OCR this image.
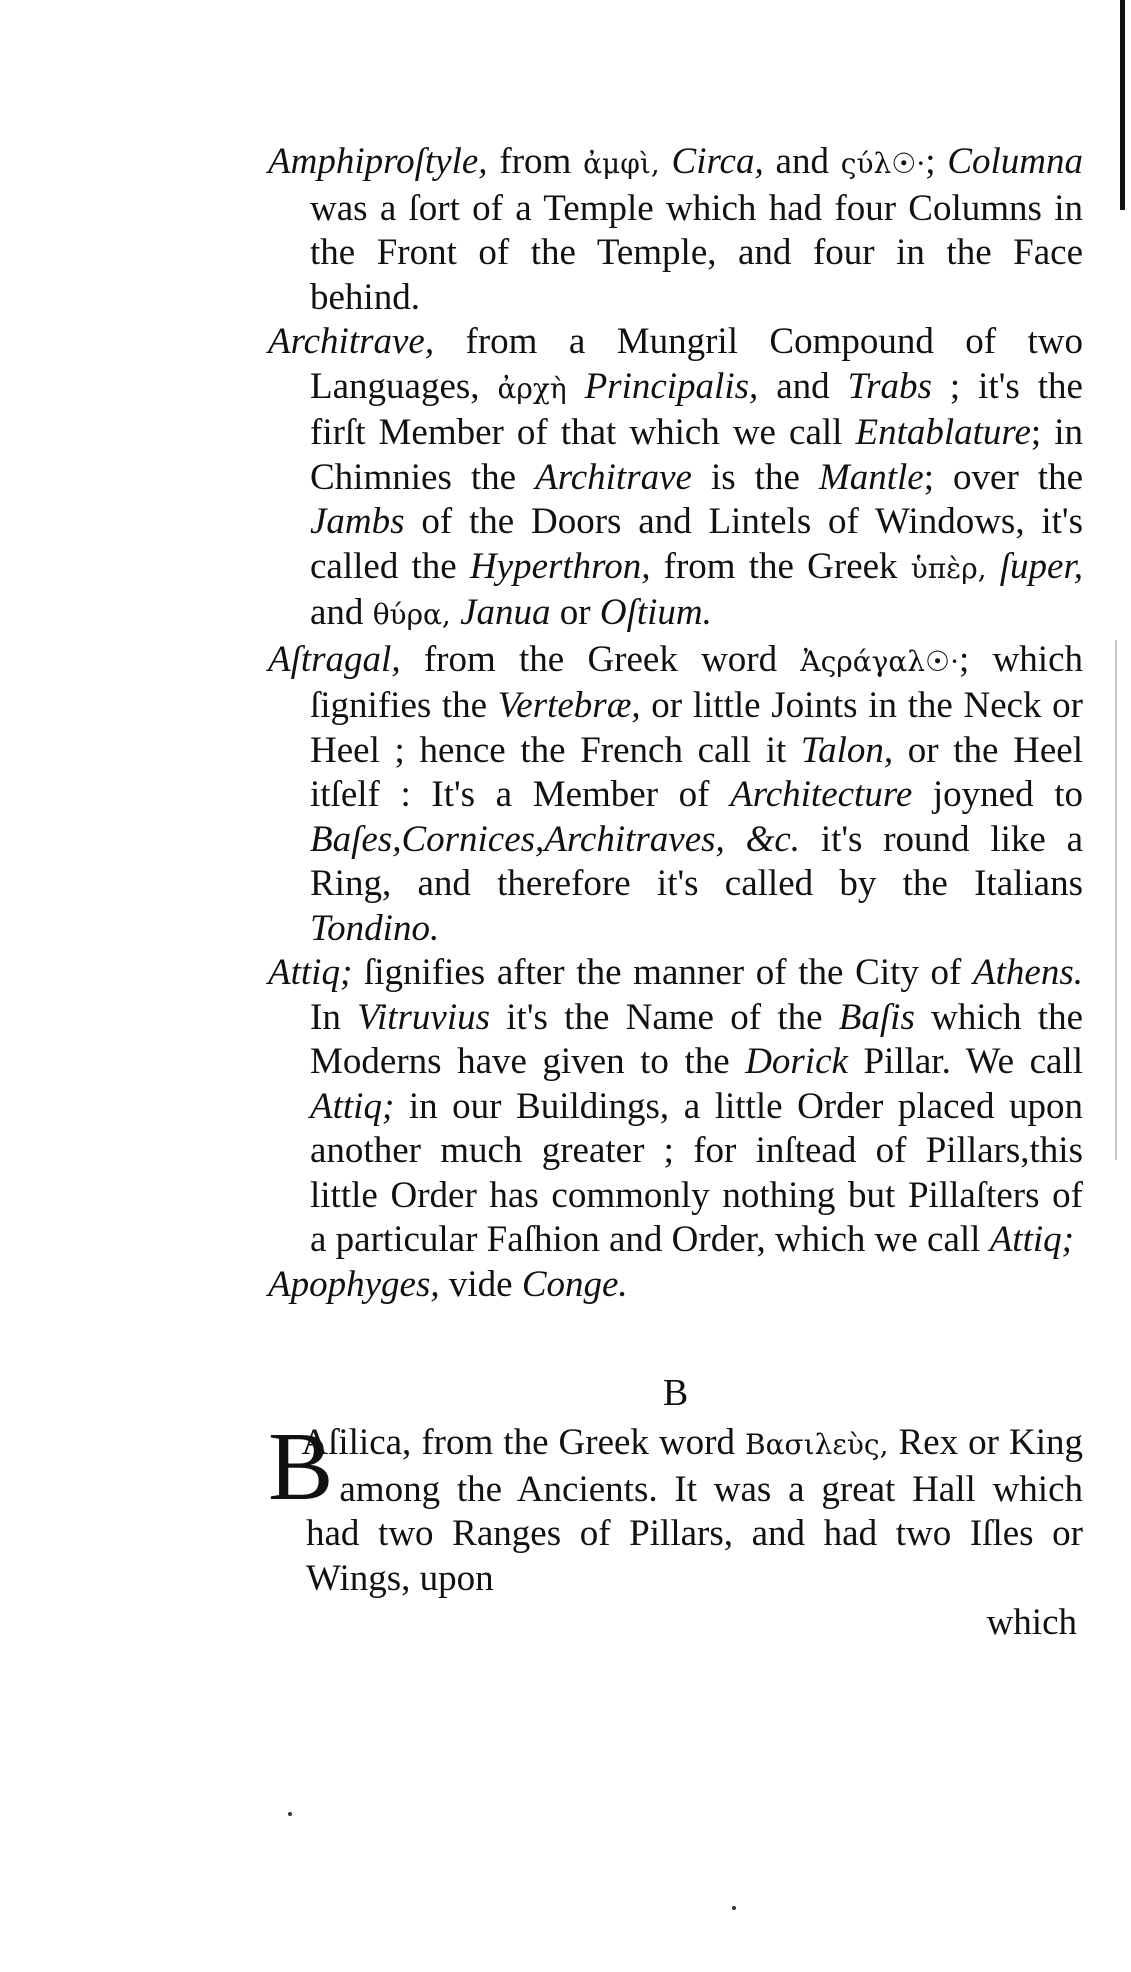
Amphiproſtyle, from ἀμφὶ, Circa, and ςύλ☉·; Columna was a ſort of a Temple which had four Columns in the Front of the Temple, and four in the Face behind.

Architrave, from a Mungril Compound of two Languages, ἀρχὴ Principalis, and Trabs ; it's the firſt Member of that which we call Entablature; in Chimnies the Architrave is the Mantle; over the Jambs of the Doors and Lintels of Windows, it's called the Hyperthron, from the Greek ὑπὲρ, ſuper, and θύρα, Janua or Oſtium.

Aſtragal, from the Greek word Ἀςράγαλ☉·; which ſignifies the Vertebræ, or little Joints in the Neck or Heel ; hence the French call it Talon, or the Heel itſelf : It's a Member of Architecture joyned to Baſes,Cornices,Architraves, &c. it's round like a Ring, and therefore it's called by the Italians Tondino.

Attiq; ſignifies after the manner of the City of Athens. In Vitruvius it's the Name of the Baſis which the Moderns have given to the Dorick Pillar. We call Attiq; in our Buildings, a little Order placed upon another much greater ; for inſtead of Pillars,this little Order has commonly nothing but Pillaſters of a particular Faſhion and Order, which we call Attiq;

Apophyges, vide Conge.

B

B
Aſilica, from the Greek word Βασιλεὺς, Rex or King among the Ancients. It was a great Hall which had two Ranges of Pillars, and had two Iſles or Wings, upon

which
